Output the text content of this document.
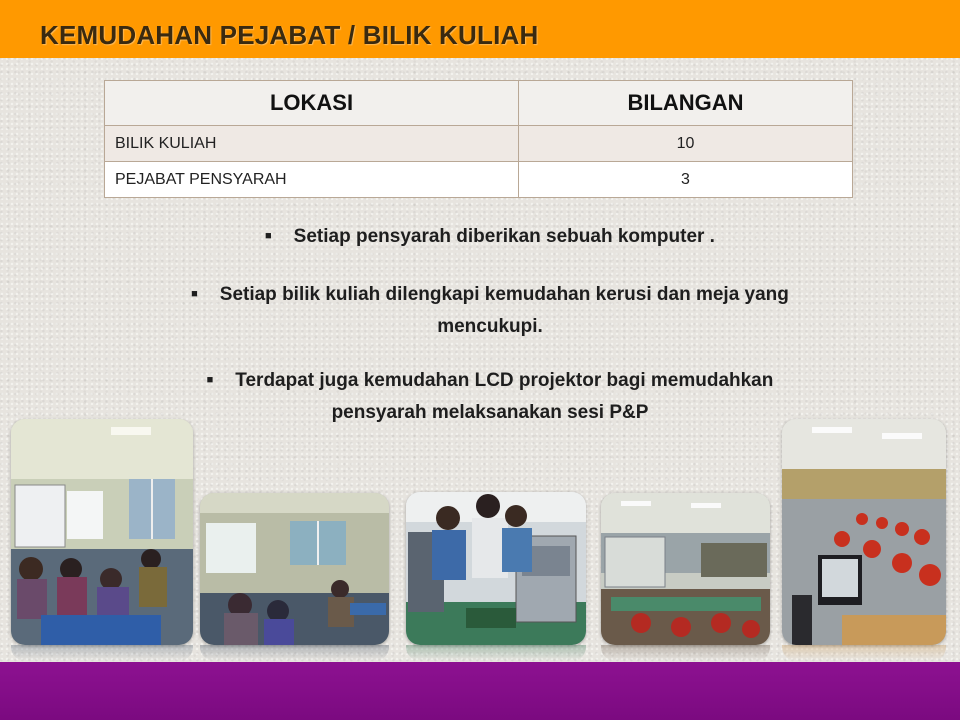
KEMUDAHAN PEJABAT / BILIK KULIAH
LOKASI	BILANGAN
BILIK KULIAH	10
PEJABAT PENSYARAH	3
■ Setiap pensyarah diberikan sebuah komputer .
■ Setiap bilik kuliah dilengkapi kemudahan kerusi dan meja yang
mencukupi.
■ Terdapat juga kemudahan LCD projektor bagi memudahkan
pensyarah melaksanakan sesi P&P
